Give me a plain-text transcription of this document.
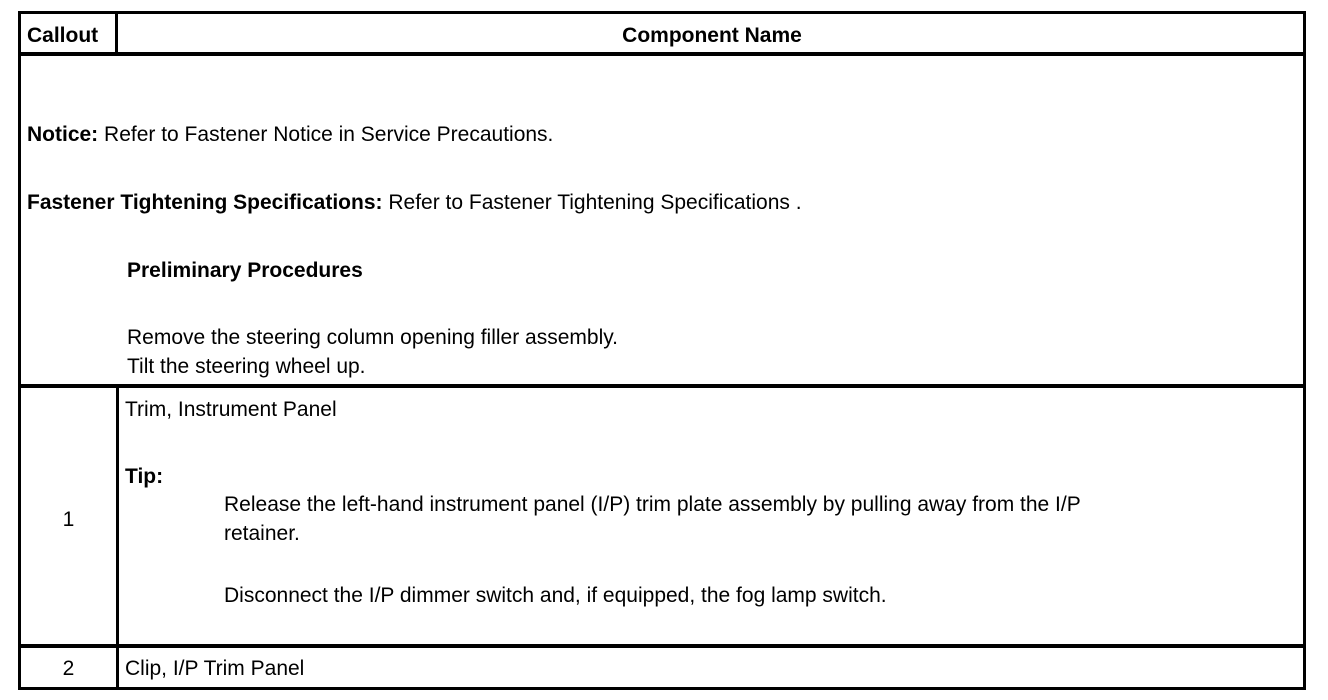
Callout	Component Name
Notice: Refer to Fastener Notice in Service Precautions.
Fastener Tightening Specifications: Refer to Fastener Tightening Specifications .
Preliminary Procedures
Remove the steering column opening filler assembly.
Tilt the steering wheel up.
1
Trim, Instrument Panel
Tip:
Release the left-hand instrument panel (I/P) trim plate assembly by pulling away from the I/P
retainer.
Disconnect the I/P dimmer switch and, if equipped, the fog lamp switch.
2	Clip, I/P Trim Panel
